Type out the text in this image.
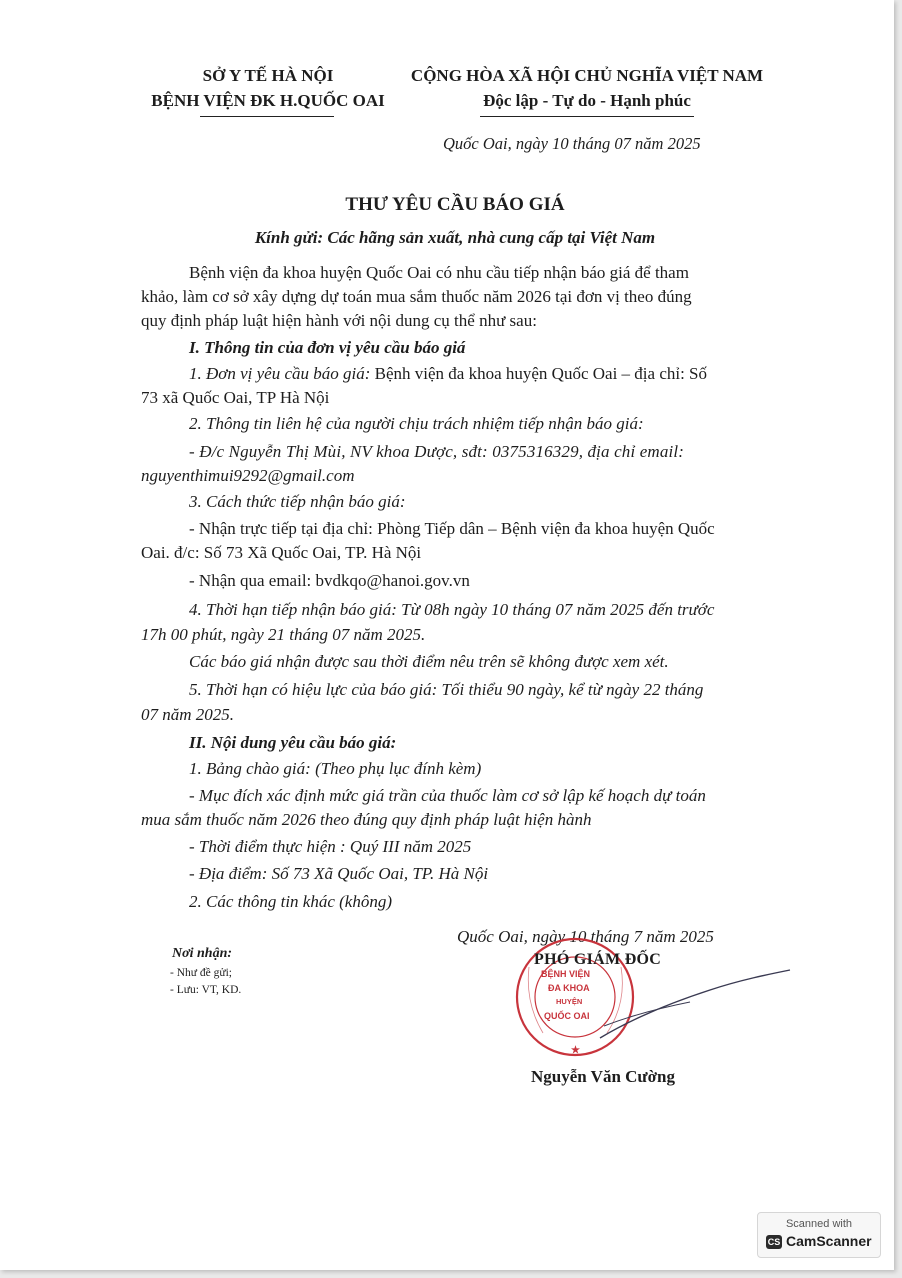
SỞ Y TẾ HÀ NỘI
BỆNH VIỆN ĐK H.QUỐC OAI
CỘNG HÒA XÃ HỘI CHỦ NGHĨA VIỆT NAM
Độc lập - Tự do - Hạnh phúc
Quốc Oai, ngày 10 tháng 07 năm 2025
THƯ YÊU CẦU BÁO GIÁ
Kính gửi: Các hãng sản xuất, nhà cung cấp tại Việt Nam
Bệnh viện đa khoa huyện Quốc Oai có nhu cầu tiếp nhận báo giá để tham
khảo, làm cơ sở xây dựng dự toán mua sắm thuốc năm 2026 tại đơn vị theo đúng
quy định pháp luật hiện hành với nội dung cụ thể như sau:
I. Thông tin của đơn vị yêu cầu báo giá
1. Đơn vị yêu cầu báo giá: Bệnh viện đa khoa huyện Quốc Oai – địa chỉ: Số
73 xã Quốc Oai, TP Hà Nội
2. Thông tin liên hệ của người chịu trách nhiệm tiếp nhận báo giá:
- Đ/c Nguyễn Thị Mùi, NV khoa Dược, sđt: 0375316329, địa chỉ email:
nguyenthimui9292@gmail.com
3. Cách thức tiếp nhận báo giá:
- Nhận trực tiếp tại địa chỉ: Phòng Tiếp dân – Bệnh viện đa khoa huyện Quốc
Oai. đ/c: Số 73 Xã Quốc Oai, TP. Hà Nội
- Nhận qua email: bvdkqo@hanoi.gov.vn
4. Thời hạn tiếp nhận báo giá: Từ 08h ngày 10 tháng 07 năm 2025 đến trước
17h 00 phút, ngày 21 tháng 07 năm 2025.
Các báo giá nhận được sau thời điểm nêu trên sẽ không được xem xét.
5. Thời hạn có hiệu lực của báo giá: Tối thiểu 90 ngày, kể từ ngày 22 tháng
07 năm 2025.
II. Nội dung yêu cầu báo giá:
1. Bảng chào giá: (Theo phụ lục đính kèm)
- Mục đích xác định mức giá trần của thuốc làm cơ sở lập kế hoạch dự toán
mua sắm thuốc năm 2026 theo đúng quy định pháp luật hiện hành
- Thời điểm thực hiện : Quý III năm 2025
- Địa điểm: Số 73 Xã Quốc Oai, TP. Hà Nội
2. Các thông tin khác (không)
Quốc Oai, ngày 10 tháng 7 năm 2025
Nơi nhận:
- Như đề gửi;
- Lưu: VT, KD.
BỆNH VIỆN
ĐA KHOA
HUYỆN
QUỐC OAI
★
PHÓ GIÁM ĐỐC
Nguyễn Văn Cường
Scanned with
CS CamScanner
